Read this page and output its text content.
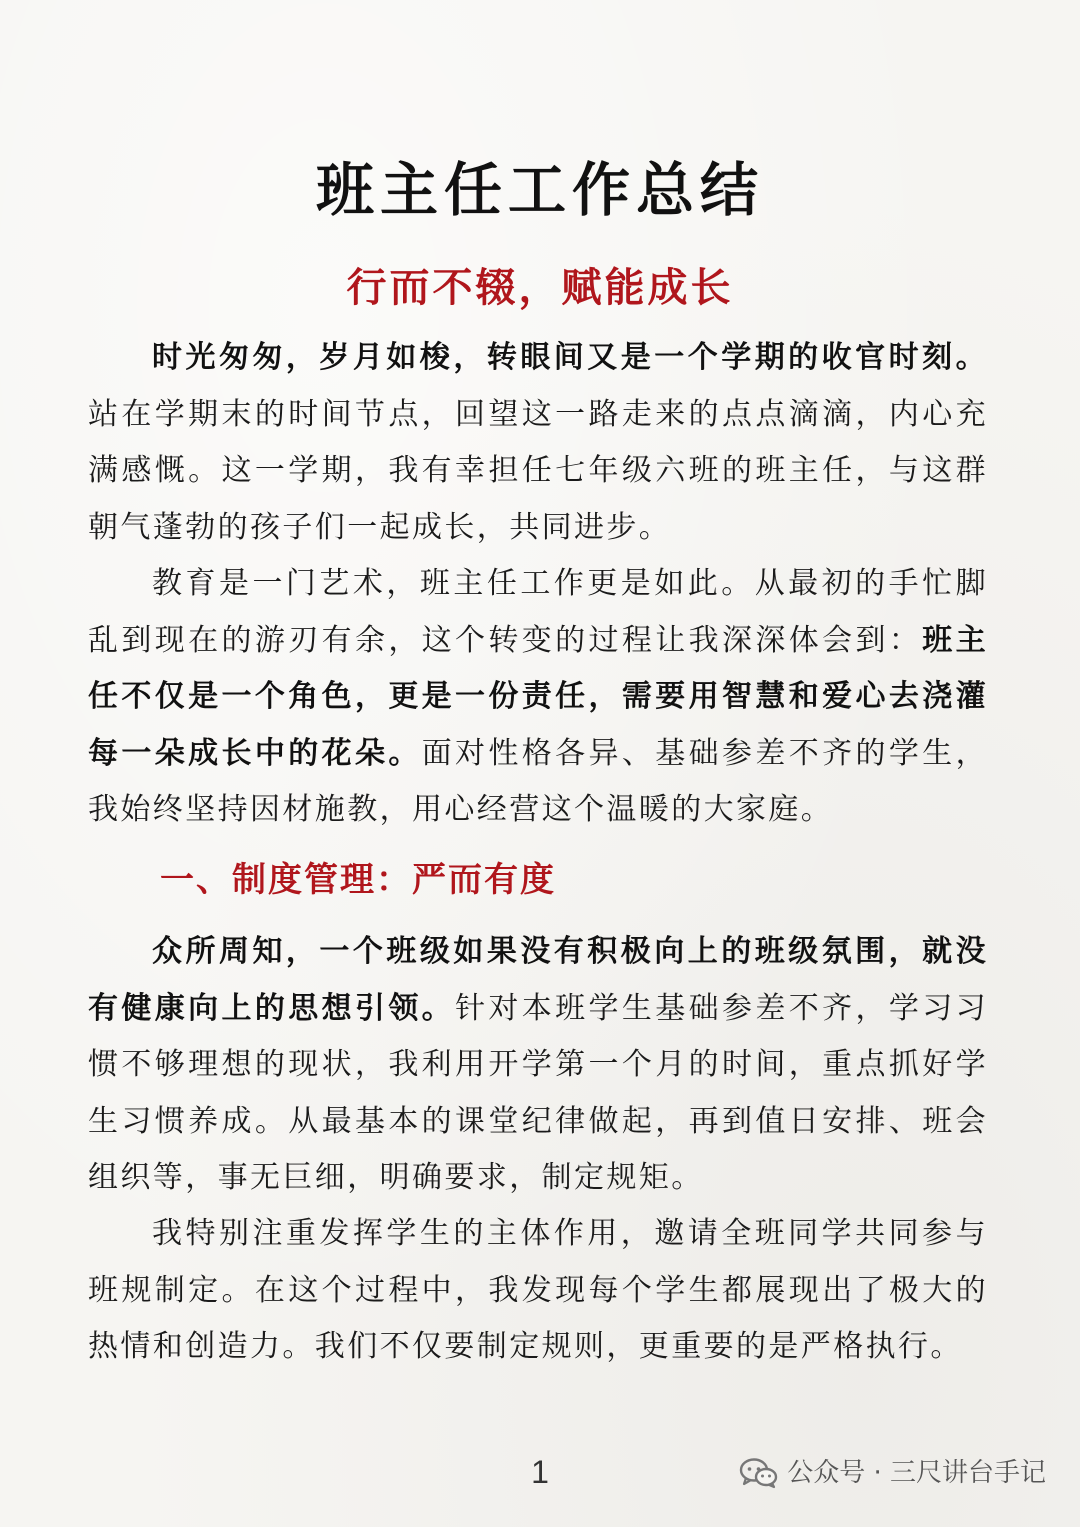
班主任工作总结
行而不辍，赋能成长

时光匆匆，岁月如梭，转眼间又是一个学期的收官时刻。站在学期末的时间节点，回望这一路走来的点点滴滴，内心充满感慨。这一学期，我有幸担任七年级六班的班主任，与这群朝气蓬勃的孩子们一起成长，共同进步。

教育是一门艺术，班主任工作更是如此。从最初的手忙脚乱到现在的游刃有余，这个转变的过程让我深深体会到：班主任不仅是一个角色，更是一份责任，需要用智慧和爱心去浇灌每一朵成长中的花朵。面对性格各异、基础参差不齐的学生，我始终坚持因材施教，用心经营这个温暖的大家庭。

一、制度管理：严而有度

众所周知，一个班级如果没有积极向上的班级氛围，就没有健康向上的思想引领。针对本班学生基础参差不齐，学习习惯不够理想的现状，我利用开学第一个月的时间，重点抓好学生习惯养成。从最基本的课堂纪律做起，再到值日安排、班会组织等，事无巨细，明确要求，制定规矩。

我特别注重发挥学生的主体作用，邀请全班同学共同参与班规制定。在这个过程中，我发现每个学生都展现出了极大的热情和创造力。我们不仅要制定规则，更重要的是严格执行。

1	公众号 · 三尺讲台手记
